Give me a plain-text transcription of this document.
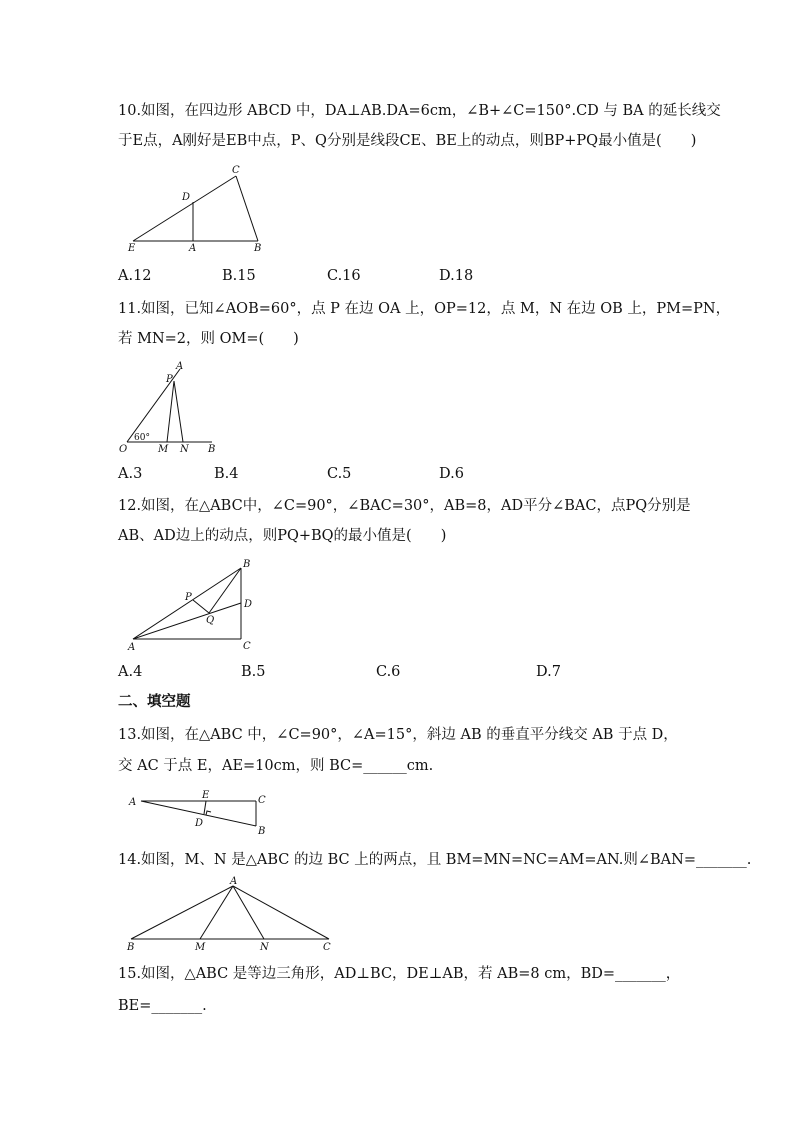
10.如图，在四边形 ABCD 中，DA⊥AB.DA=6cm，∠B+∠C=150°.CD 与 BA 的延长线交
于E点，A刚好是EB中点，P、Q分别是线段CE、BE上的动点，则BP+PQ最小值是(　　)
C
D
E	A	B
A.12	B.15	C.16	D.18
11.如图，已知∠AOB=60°，点 P 在边 OA 上，OP=12，点 M，N 在边 OB 上，PM=PN，
若 MN=2，则 OM=(　　)
A
P
O
60°
M N B
A.3	B.4	C.5	D.6
12.如图，在△ABC中，∠C=90°，∠BAC=30°，AB=8，AD平分∠BAC，点PQ分别是
AB、AD边上的动点，则PQ+BQ的最小值是(　　)
B
P
D
Q
A	C
A.4	B.5	C.6	D.7
二、填空题
13.如图，在△ABC 中，∠C=90°，∠A=15°，斜边 AB 的垂直平分线交 AB 于点 D，
交 AC 于点 E，AE=10cm，则 BC=______cm.
A
E	C
D
B
14.如图，M、N 是△ABC 的边 BC 上的两点，且 BM=MN=NC=AM=AN.则∠BAN=_______.
A
B	M	N	C
15.如图，△ABC 是等边三角形，AD⊥BC，DE⊥AB，若 AB=8 cm，BD=_______，
BE=_______.
